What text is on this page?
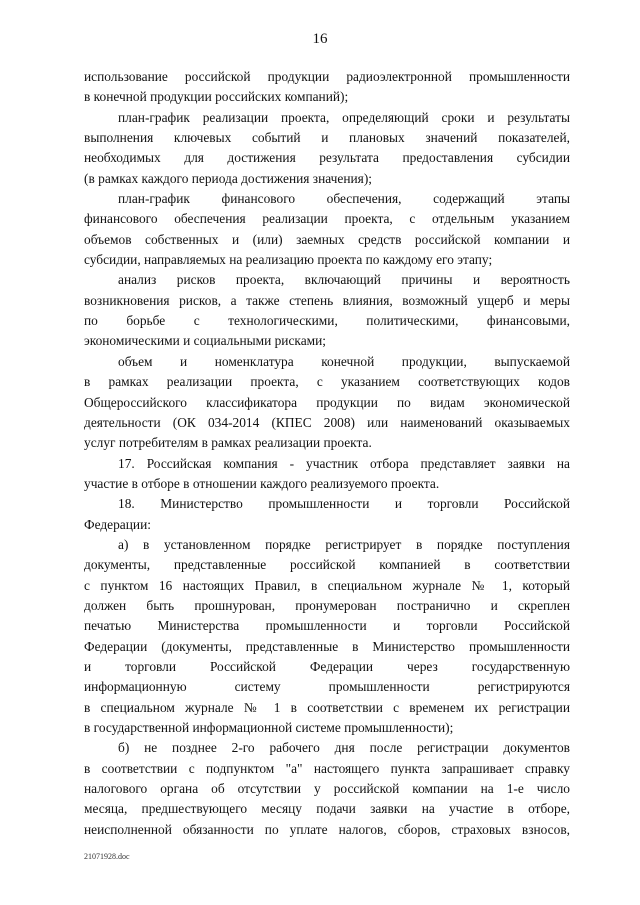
16
использование российской продукции радиоэлектронной промышленности
в конечной продукции российских компаний);
план-график реализации проекта, определяющий сроки и результаты
выполнения ключевых событий и плановых значений показателей,
необходимых для достижения результата предоставления субсидии
(в рамках каждого периода достижения значения);
план-график финансового обеспечения, содержащий этапы
финансового обеспечения реализации проекта, с отдельным указанием
объемов собственных и (или) заемных средств российской компании и
субсидии, направляемых на реализацию проекта по каждому его этапу;
анализ рисков проекта, включающий причины и вероятность
возникновения рисков, а также степень влияния, возможный ущерб и меры
по борьбе с технологическими, политическими, финансовыми,
экономическими и социальными рисками;
объем и номенклатура конечной продукции, выпускаемой
в рамках реализации проекта, с указанием соответствующих кодов
Общероссийского классификатора продукции по видам экономической
деятельности (ОК 034-2014 (КПЕС 2008) или наименований оказываемых
услуг потребителям в рамках реализации проекта.
17. Российская компания - участник отбора представляет заявки на
участие в отборе в отношении каждого реализуемого проекта.
18. Министерство промышленности и торговли Российской
Федерации:
а) в установленном порядке регистрирует в порядке поступления
документы, представленные российской компанией в соответствии
с пунктом 16 настоящих Правил, в специальном журнале № 1, который
должен быть прошнурован, пронумерован постранично и скреплен
печатью Министерства промышленности и торговли Российской
Федерации (документы, представленные в Министерство промышленности
и торговли Российской Федерации через государственную
информационную систему промышленности регистрируются
в специальном журнале № 1 в соответствии с временем их регистрации
в государственной информационной системе промышленности);
б) не позднее 2-го рабочего дня после регистрации документов
в соответствии с подпунктом "а" настоящего пункта запрашивает справку
налогового органа об отсутствии у российской компании на 1-е число
месяца, предшествующего месяцу подачи заявки на участие в отборе,
неисполненной обязанности по уплате налогов, сборов, страховых взносов,
21071928.doc
